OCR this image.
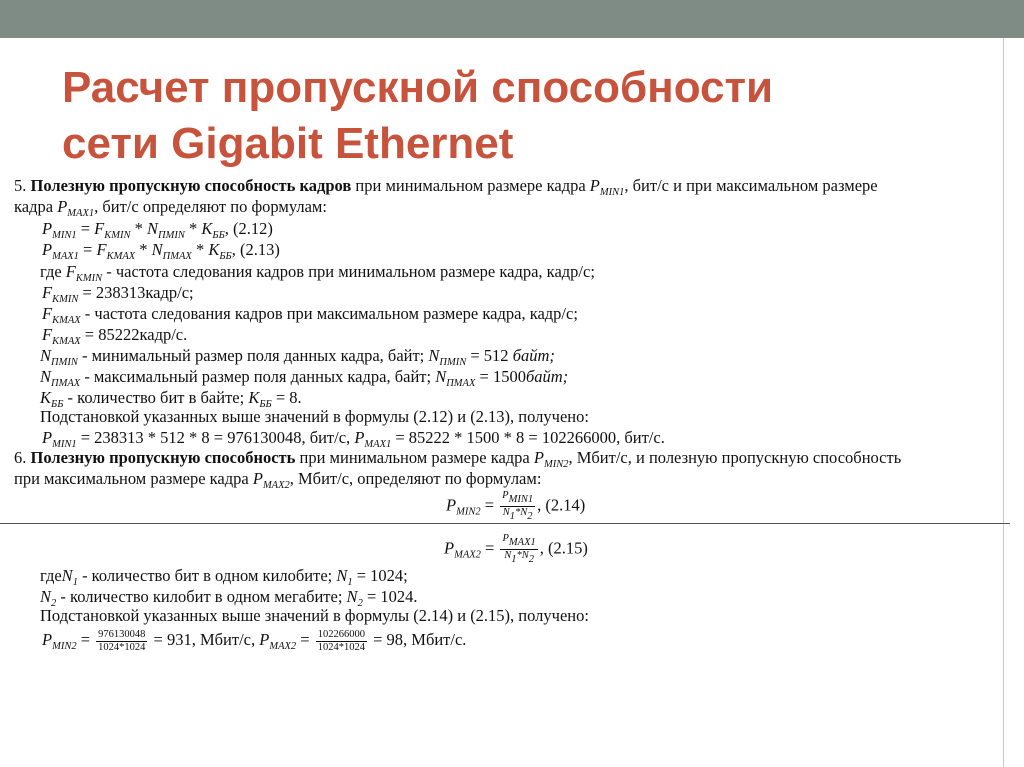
Расчет пропускной способности
сети Gigabit Ethernet
5. Полезную пропускную способность кадров при минимальном размере кадра $P_{MIN1}$, бит/с и при максимальном размере
кадра $P_{MAX1}$, бит/с определяют по формулам:
$P_{MIN1} = F_{KMIN} * N_{ПMIN} * K_{ББ}$, (2.12)
$P_{MAX1} = F_{KMAX} * N_{ПMAX} * K_{ББ}$, (2.13)
где $F_{KMIN}$ - частота следования кадров при минимальном размере кадра, кадр/с;
$F_{KMIN}$ = 238313кадр/с;
$F_{KMAX}$ - частота следования кадров при максимальном размере кадра, кадр/с;
$F_{KMAX}$ = 85222кадр/с.
$N_{ПMIN}$ - минимальный размер поля данных кадра, байт; $N_{ПMIN} = 512$ байт;
$N_{ПMAX}$ - максимальный размер поля данных кадра, байт; $N_{ПMAX}$ = 1500байт;
$K_{ББ}$ - количество бит в байте; $K_{ББ} = 8$.
Подстановкой указанных выше значений в формулы (2.12) и (2.13), получено:
$P_{MIN1} = 238313 * 512 * 8 = 976130048$, бит/с, $P_{MAX1} = 85222 * 1500 * 8 = 102266000$, бит/с.
6. Полезную пропускную способность при минимальном размере кадра $P_{MIN2}$, Мбит/с, и полезную пропускную способность
при максимальном размере кадра $P_{MAX2}$, Мбит/с, определяют по формулам:
$P_{MIN2} = \frac{\text{PMIN1}}{N1*N2}$ , (2.14)
$P_{MAX2} = \frac{\text{PMAX1}}{N1*N2}$ , (2.15)
гдеN$_1$ - количество бит в одном килобите; $N_1 = 1024$;
$N_2$ - количество килобит в одном мегабите; $N_2 = 1024$.
Подстановкой указанных выше значений в формулы (2.14) и (2.15), получено:
$P_{MIN2} = \frac{976130048}{1024*1024} = 931$, Мбит/с, $P_{MAX2} = \frac{102266000}{1024*1024} = 98$, Мбит/с.
